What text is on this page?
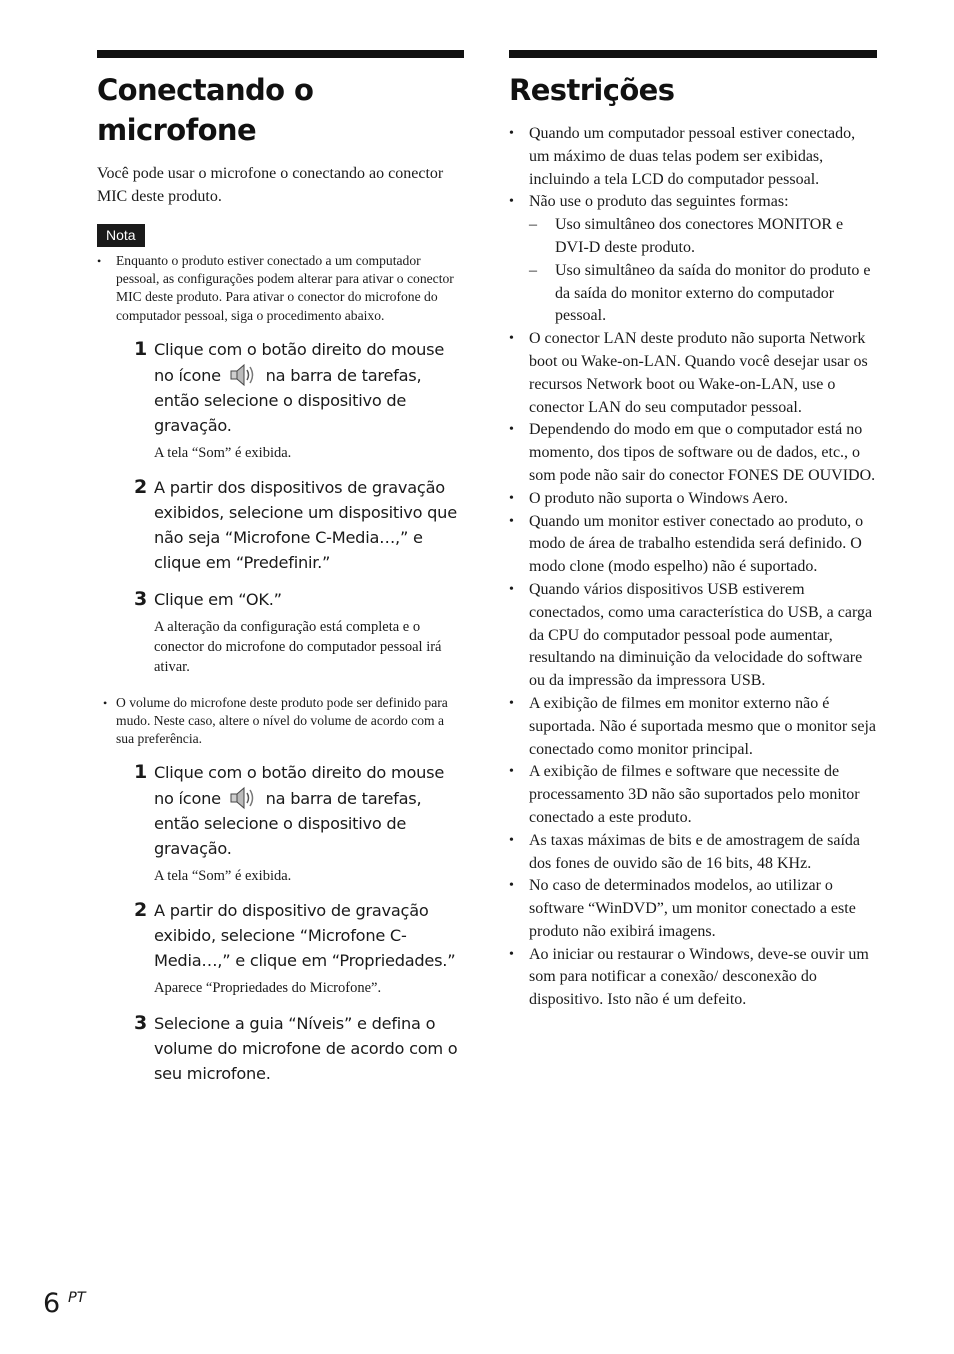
Conectando o microfone

Você pode usar o microfone o conectando ao conector MIC deste produto.

Nota
• Enquanto o produto estiver conectado a um computador pessoal, as configurações podem alterar para ativar o conector MIC deste produto. Para ativar o conector do microfone do computador pessoal, siga o procedimento abaixo.
1 Clique com o botão direito do mouse no ícone	na barra de tarefas, então selecione o dispositivo de gravação.
A tela “Som” é exibida.
2 A partir dos dispositivos de gravação exibidos, selecione um dispositivo que não seja “Microfone C-Media…,” e clique em “Predefinir.”
3 Clique em “OK.”
A alteração da configuração está completa e o conector do microfone do computador pessoal irá ativar.
• O volume do microfone deste produto pode ser definido para mudo. Neste caso, altere o nível do volume de acordo com a sua preferência.
1 Clique com o botão direito do mouse no ícone	na barra de tarefas, então selecione o dispositivo de gravação.
A tela “Som” é exibida.
2 A partir do dispositivo de gravação exibido, selecione “Microfone C-Media…,” e clique em “Propriedades.”
Aparece “Propriedades do Microfone”.
3 Selecione a guia “Níveis” e defina o volume do microfone de acordo com o seu microfone.
Restrições
• Quando um computador pessoal estiver conectado, um máximo de duas telas podem ser exibidas, incluindo a tela LCD do computador pessoal.
• Não use o produto das seguintes formas:
– Uso simultâneo dos conectores MONITOR e DVI-D deste produto.
– Uso simultâneo da saída do monitor do produto e da saída do monitor externo do computador pessoal.
• O conector LAN deste produto não suporta Network boot ou Wake-on-LAN. Quando você desejar usar os recursos Network boot ou Wake-on-LAN, use o conector LAN do seu computador pessoal.
• Dependendo do modo em que o computador está no momento, dos tipos de software ou de dados, etc., o som pode não sair do conector FONES DE OUVIDO.
• O produto não suporta o Windows Aero.
• Quando um monitor estiver conectado ao produto, o modo de área de trabalho estendida será definido. O modo clone (modo espelho) não é suportado.
• Quando vários dispositivos USB estiverem conectados, como uma característica do USB, a carga da CPU do computador pessoal pode aumentar, resultando na diminuição da velocidade do software ou da impressão da impressora USB.
• A exibição de filmes em monitor externo não é suportada. Não é suportada mesmo que o monitor seja conectado como monitor principal.
• A exibição de filmes e software que necessite de processamento 3D não são suportados pelo monitor conectado a este produto.
• As taxas máximas de bits e de amostragem de saída dos fones de ouvido são de 16 bits, 48 KHz.
• No caso de determinados modelos, ao utilizar o software “WinDVD”, um monitor conectado a este produto não exibirá imagens.
• Ao iniciar ou restaurar o Windows, deve-se ouvir um som para notificar a conexão/ desconexão do dispositivo. Isto não é um defeito.
6 PT
